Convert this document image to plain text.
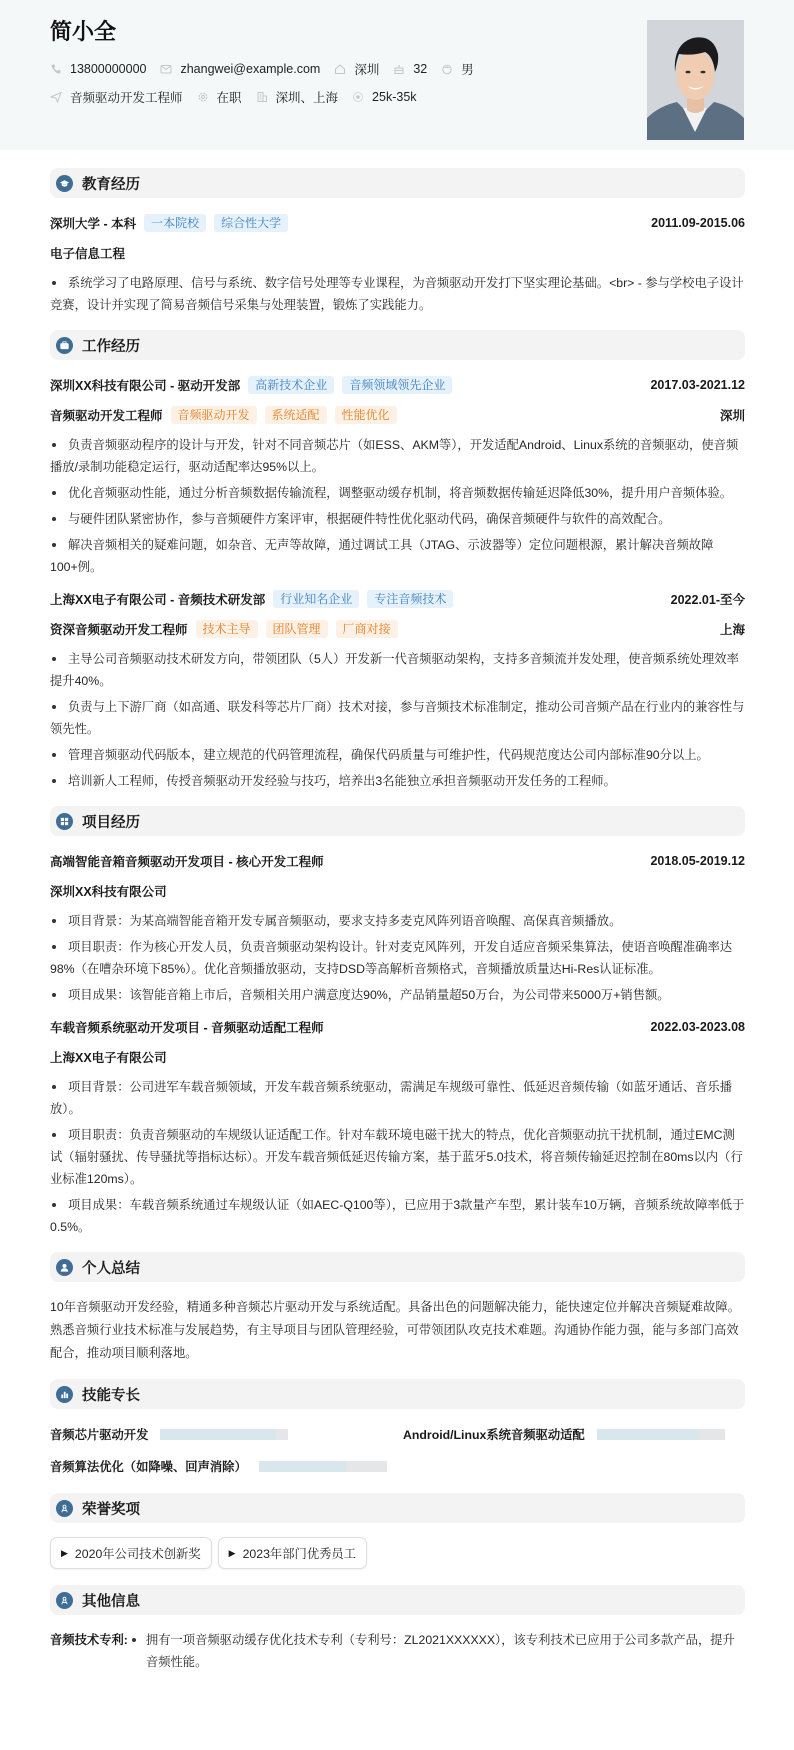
简小全
13800000000	zhangwei@example.com	深圳	32	男
音频驱动开发工程师	在职	深圳、上海	25k-35k
教育经历
深圳大学 - 本科	一本院校	综合性大学	2011.09-2015.06
电子信息工程
系统学习了电路原理、信号与系统、数字信号处理等专业课程，为音频驱动开发打下坚实理论基础。<br> - 参与学校电子设计竞赛，设计并实现了简易音频信号采集与处理装置，锻炼了实践能力。
工作经历
深圳XX科技有限公司 - 驱动开发部	高新技术企业	音频领域领先企业	2017.03-2021.12
音频驱动开发工程师	音频驱动开发	系统适配	性能优化	深圳
负责音频驱动程序的设计与开发，针对不同音频芯片（如ESS、AKM等），开发适配Android、Linux系统的音频驱动，使音频播放/录制功能稳定运行，驱动适配率达95%以上。
优化音频驱动性能，通过分析音频数据传输流程，调整驱动缓存机制，将音频数据传输延迟降低30%，提升用户音频体验。
与硬件团队紧密协作，参与音频硬件方案评审，根据硬件特性优化驱动代码，确保音频硬件与软件的高效配合。
解决音频相关的疑难问题，如杂音、无声等故障，通过调试工具（JTAG、示波器等）定位问题根源，累计解决音频故障100+例。
上海XX电子有限公司 - 音频技术研发部	行业知名企业	专注音频技术	2022.01-至今
资深音频驱动开发工程师	技术主导	团队管理	厂商对接	上海
主导公司音频驱动技术研发方向，带领团队（5人）开发新一代音频驱动架构，支持多音频流并发处理，使音频系统处理效率提升40%。
负责与上下游厂商（如高通、联发科等芯片厂商）技术对接，参与音频技术标准制定，推动公司音频产品在行业内的兼容性与领先性。
管理音频驱动代码版本，建立规范的代码管理流程，确保代码质量与可维护性，代码规范度达公司内部标准90分以上。
培训新人工程师，传授音频驱动开发经验与技巧，培养出3名能独立承担音频驱动开发任务的工程师。
项目经历
高端智能音箱音频驱动开发项目 - 核心开发工程师	2018.05-2019.12
深圳XX科技有限公司
项目背景：为某高端智能音箱开发专属音频驱动，要求支持多麦克风阵列语音唤醒、高保真音频播放。
项目职责：作为核心开发人员，负责音频驱动架构设计。针对麦克风阵列，开发自适应音频采集算法，使语音唤醒准确率达98%（在嘈杂环境下85%）。优化音频播放驱动，支持DSD等高解析音频格式，音频播放质量达Hi-Res认证标准。
项目成果：该智能音箱上市后，音频相关用户满意度达90%，产品销量超50万台，为公司带来5000万+销售额。
车载音频系统驱动开发项目 - 音频驱动适配工程师	2022.03-2023.08
上海XX电子有限公司
项目背景：公司进军车载音频领域，开发车载音频系统驱动，需满足车规级可靠性、低延迟音频传输（如蓝牙通话、音乐播放）。
项目职责：负责音频驱动的车规级认证适配工作。针对车载环境电磁干扰大的特点，优化音频驱动抗干扰机制，通过EMC测试（辐射骚扰、传导骚扰等指标达标）。开发车载音频低延迟传输方案，基于蓝牙5.0技术，将音频传输延迟控制在80ms以内（行业标准120ms）。
项目成果：车载音频系统通过车规级认证（如AEC-Q100等），已应用于3款量产车型，累计装车10万辆，音频系统故障率低于0.5%。
个人总结

10年音频驱动开发经验，精通多种音频芯片驱动开发与系统适配。具备出色的问题解决能力，能快速定位并解决音频疑难故障。熟悉音频行业技术标准与发展趋势，有主导项目与团队管理经验，可带领团队攻克技术难题。沟通协作能力强，能与多部门高效配合，推动项目顺利落地。

技能专长
音频芯片驱动开发	Android/Linux系统音频驱动适配
音频算法优化（如降噪、回声消除）
荣誉奖项
▶ 2020年公司技术创新奖	▶ 2023年部门优秀员工
其他信息
音频技术专利:	拥有一项音频驱动缓存优化技术专利（专利号：ZL2021XXXXXX），该专利技术已应用于公司多款产品，提升音频性能。
